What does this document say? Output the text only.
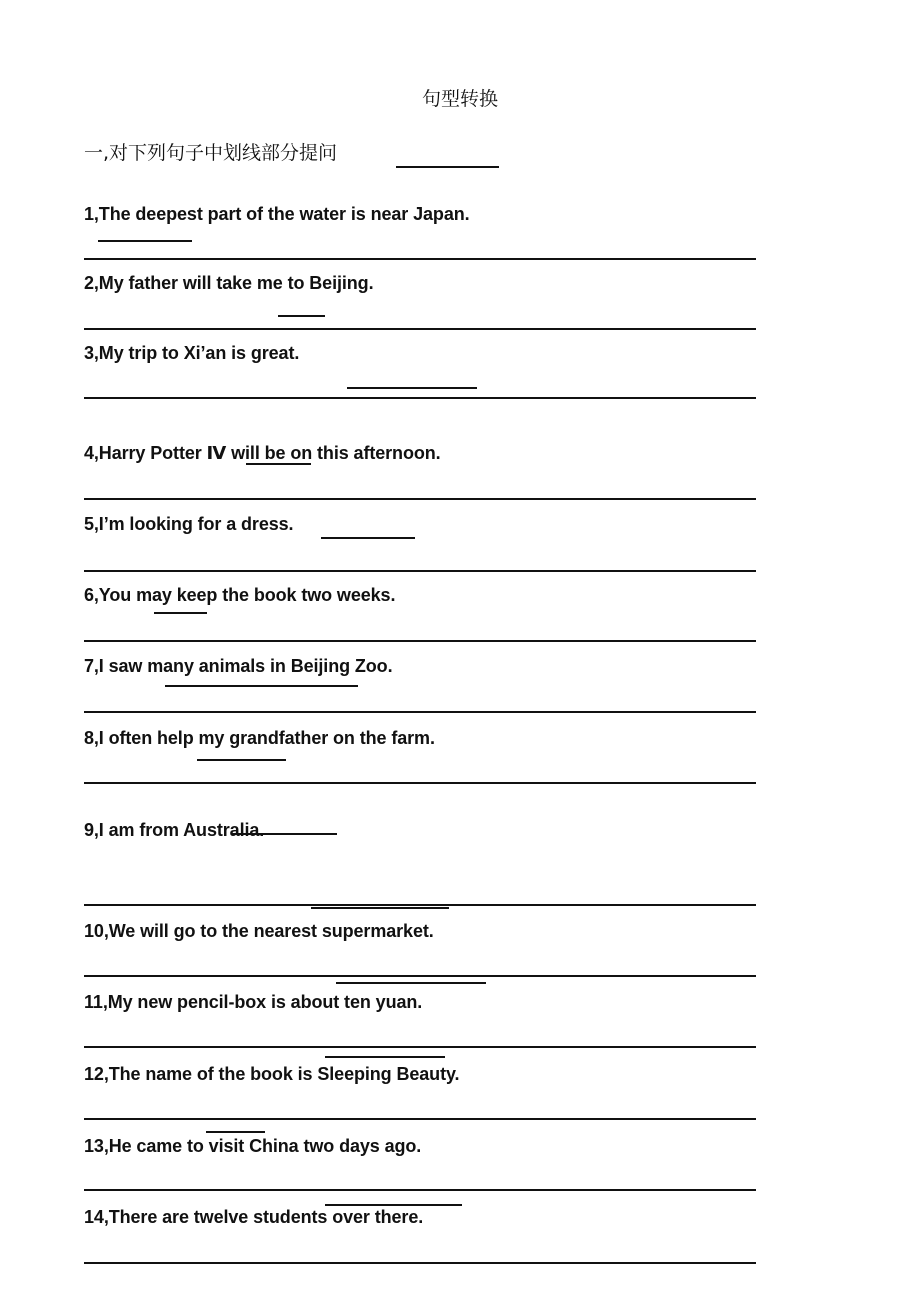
句型转换
一,对下列句子中划线部分提问
1,The deepest part of the water is near Japan.
2,My father will take me to Beijing.
3,My trip to Xi’an is great.
4,Harry Potter Ⅳ will be on this afternoon.
5,I’m looking for a dress.
6,You may keep the book two weeks.
7,I saw many animals in Beijing Zoo.
8,I often help my grandfather on the farm.
9,I am from Australia.
10,We will go to the nearest supermarket.
11,My new pencil-box is about ten yuan.
12,The name of the book is Sleeping Beauty.
13,He came to visit China two days ago.
14,There are twelve students over there.
